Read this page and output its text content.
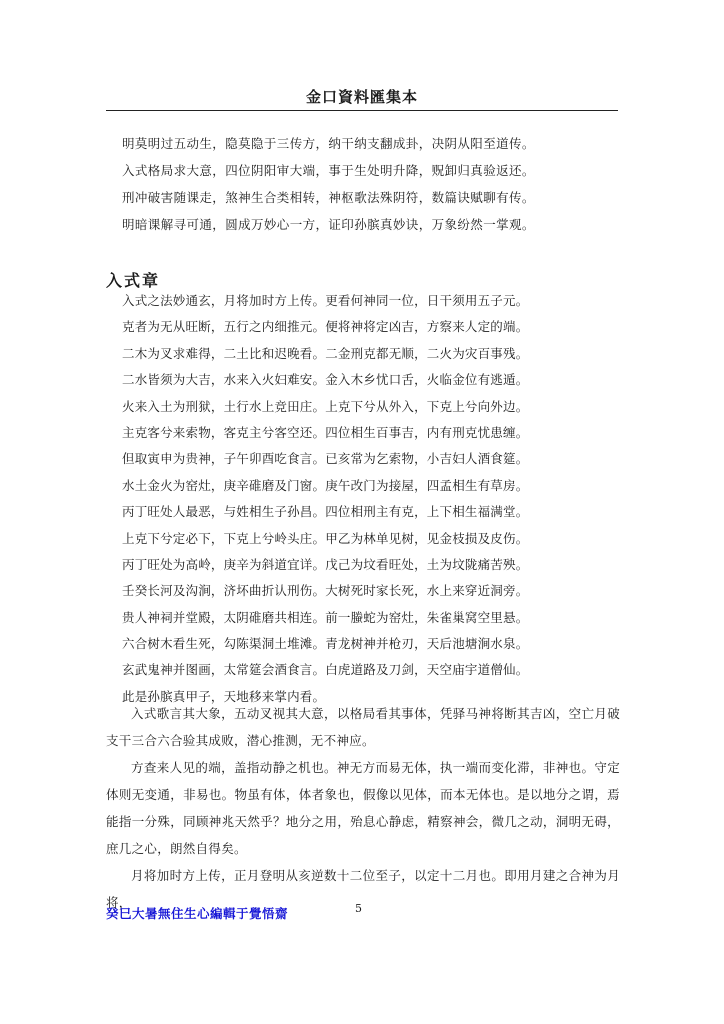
金口資料匯集本
明莫明过五动生，隐莫隐于三传方，纳干纳支翻成卦，决阴从阳至道传。
入式格局求大意，四位阴阳审大端，事于生处明升降，贶卸归真验返还。
刑冲破害随课走，煞神生合类相转，神枢歌法殊阴符，数篇诀赋聊有传。
明暗课解寻可通，圆成万妙心一方，证印孙膑真妙诀，万象纷然一掌观。
入式章
入式之法妙通玄，月将加时方上传。更看何神同一位，日干须用五子元。
克者为无从旺断，五行之内细推元。便将神将定凶吉，方察来人定的端。
二木为叉求难得，二土比和迟晚看。二金刑克都无顺，二火为灾百事残。
二水皆须为大吉，水来入火妇难安。金入木乡忧口舌，火临金位有逃遁。
火来入土为刑狱，土行水上竞田庄。上克下兮从外入，下克上兮向外边。
主克客兮来索物，客克主兮客空还。四位相生百事吉，内有刑克忧患缠。
但取寅申为贵神，子午卯酉吃食言。已亥常为乞索物，小吉妇人酒食筵。
水土金火为窑灶，庚辛碓磨及门窗。庚午改门为接屋，四孟相生有草房。
丙丁旺处人最恶，与姓相生子孙昌。四位相刑主有克，上下相生福满堂。
上克下兮定必下，下克上兮岭头庄。甲乙为林单见树，见金枝损及皮伤。
丙丁旺处为高岭，庚辛为斜道宜详。戊己为坟看旺处，土为坟陇痛苦殃。
壬癸长河及沟涧，济坏曲折认刑伤。大树死时家长死，水上来穿近洞旁。
贵人神祠并堂殿，太阴碓磨共相连。前一螣蛇为窑灶，朱雀巢窝空里悬。
六合树木看生死，勾陈渠洞土堆滩。青龙树神并枪刃，天后池塘涧水泉。
玄武鬼神并图画，太常筵会酒食言。白虎道路及刀剑，天空庙宇道僧仙。
此是孙膑真甲子，天地移来掌内看。

入式歌言其大象，五动叉视其大意，以格局看其事体，凭驿马神将断其吉凶，空亡月破支干三合六合验其成败，潜心推测，无不神应。

方查来人见的端，盖指动静之机也。神无方而易无体，执一端而变化滞，非神也。守定体则无变通，非易也。物虽有体，体者象也，假像以见体，而本无体也。是以地分之谓，焉能指一分殊，同顾神兆天然乎？地分之用，殆息心静虑，精察神会，微几之动，洞明无碍，庶几之心，朗然自得矣。

月将加时方上传，正月登明从亥逆数十二位至子，以定十二月也。即用月建之合神为月将，

癸巳大暑無住生心編輯于覺悟齋	5
